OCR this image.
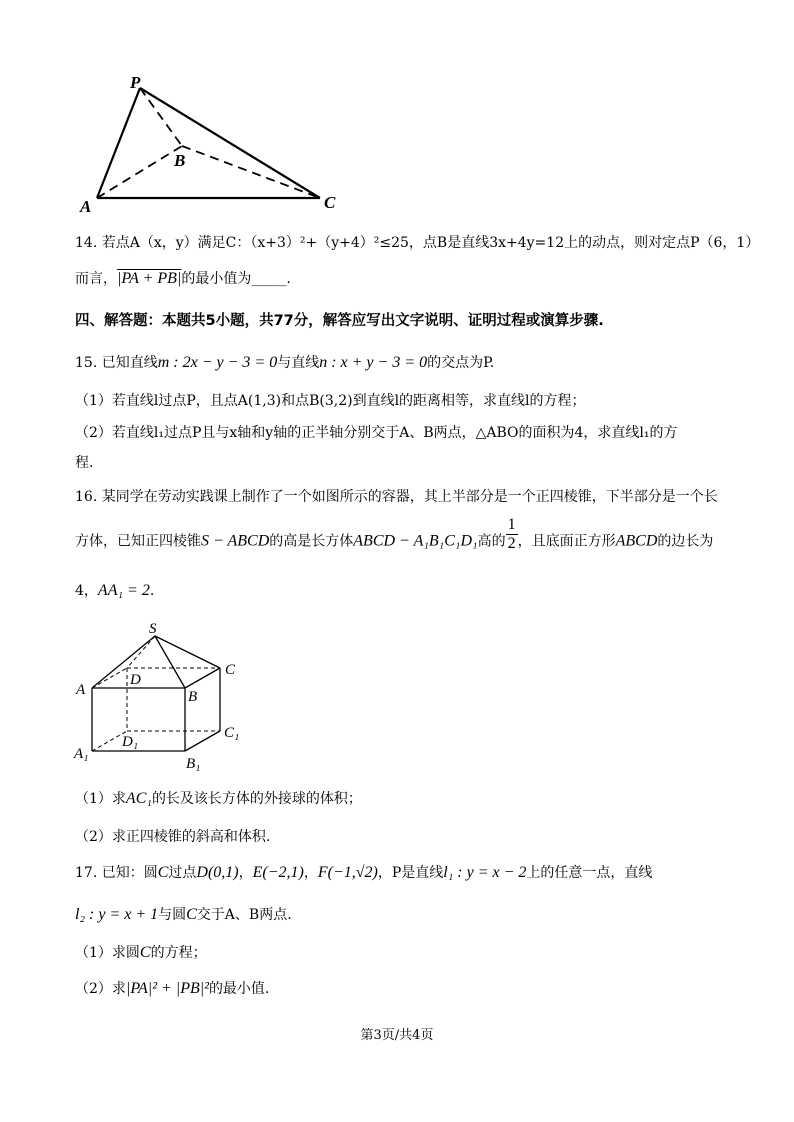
P
B
A	C
14. 若点A（x，y）满足C：（x+3）²+（y+4）²≤25，点B是直线3x+4y=12上的动点，则对定点P（6，1）
而言，|PA + PB|的最小值为_____.
四、解答题：本题共5小题，共77分，解答应写出文字说明、证明过程或演算步骤.
15. 已知直线m : 2x − y − 3 = 0与直线n : x + y − 3 = 0的交点为P.
（1）若直线l过点P，且点A(1,3)和点B(3,2)到直线l的距离相等，求直线l的方程；
（2）若直线l₁过点P且与x轴和y轴的正半轴分别交于A、B两点，△ABO的面积为4，求直线l₁的方
程.
16. 某同学在劳动实践课上制作了一个如图所示的容器，其上半部分是一个正四棱锥，下半部分是一个长
方体，已知正四棱锥S − ABCD的高是长方体ABCD − A₁B₁C₁D₁高的 $\frac{1}{2}$ ，且底面正方形ABCD的边长为
4，AA₁ = 2.
S
C
A
D
B
C₁
D₁
A₁
B₁
（1）求AC₁的长及该长方体的外接球的体积；
（2）求正四棱锥的斜高和体积.
17. 已知：圆C过点D(0,1)，E(−2,1)，F(−1,√2)，P是直线l₁ : y = x − 2上的任意一点，直线
l₂ : y = x + 1与圆C交于A、B两点.
（1）求圆C的方程；
（2）求|PA|² + |PB|²的最小值.
第3页/共4页
